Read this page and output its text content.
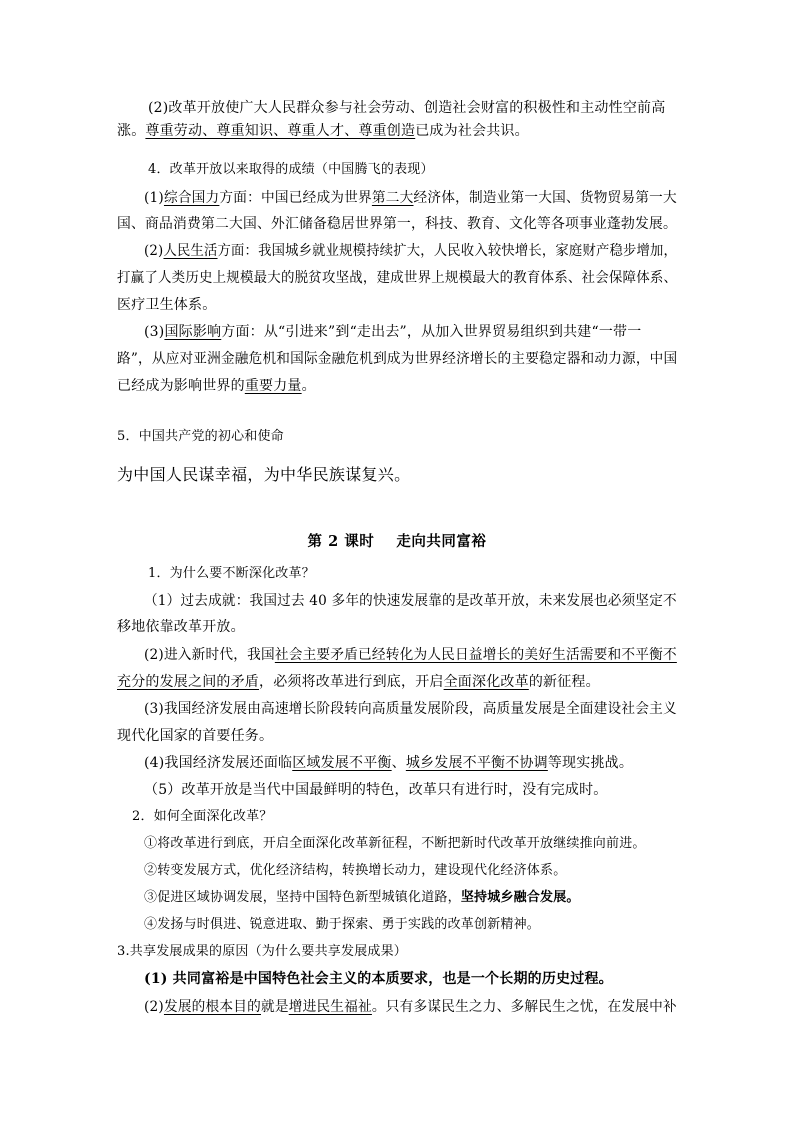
(2)改革开放使广大人民群众参与社会劳动、创造社会财富的积极性和主动性空前高
涨。尊重劳动、尊重知识、尊重人才、尊重创造已成为社会共识。
4．改革开放以来取得的成绩（中国腾飞的表现）
(1)综合国力方面：中国已经成为世界第二大经济体，制造业第一大国、货物贸易第一大
国、商品消费第二大国、外汇储备稳居世界第一，科技、教育、文化等各项事业蓬勃发展。
(2)人民生活方面：我国城乡就业规模持续扩大，人民收入较快增长，家庭财产稳步增加，
打赢了人类历史上规模最大的脱贫攻坚战，建成世界上规模最大的教育体系、社会保障体系、
医疗卫生体系。
(3)国际影响方面：从“引进来”到“走出去”，从加入世界贸易组织到共建“一带一
路”，从应对亚洲金融危机和国际金融危机到成为世界经济增长的主要稳定器和动力源，中国
已经成为影响世界的重要力量。
5．中国共产党的初心和使命
为中国人民谋幸福，为中华民族谋复兴。
第 2 课时    走向共同富裕
1．为什么要不断深化改革？
（1）过去成就：我国过去 40 多年的快速发展靠的是改革开放，未来发展也必须坚定不
移地依靠改革开放。
(2)进入新时代，我国社会主要矛盾已经转化为人民日益增长的美好生活需要和不平衡不
充分的发展之间的矛盾，必须将改革进行到底，开启全面深化改革的新征程。
(3)我国经济发展由高速增长阶段转向高质量发展阶段，高质量发展是全面建设社会主义
现代化国家的首要任务。
(4)我国经济发展还面临区域发展不平衡、城乡发展不平衡不协调等现实挑战。
（5）改革开放是当代中国最鲜明的特色，改革只有进行时，没有完成时。
2．如何全面深化改革？
①将改革进行到底，开启全面深化改革新征程，不断把新时代改革开放继续推向前进。
②转变发展方式，优化经济结构，转换增长动力，建设现代化经济体系。
③促进区域协调发展，坚持中国特色新型城镇化道路，坚持城乡融合发展。
④发扬与时俱进、锐意进取、勤于探索、勇于实践的改革创新精神。
3.共享发展成果的原因（为什么要共享发展成果）
(1) 共同富裕是中国特色社会主义的本质要求，也是一个长期的历史过程。
(2)发展的根本目的就是增进民生福祉。只有多谋民生之力、多解民生之忧，在发展中补
